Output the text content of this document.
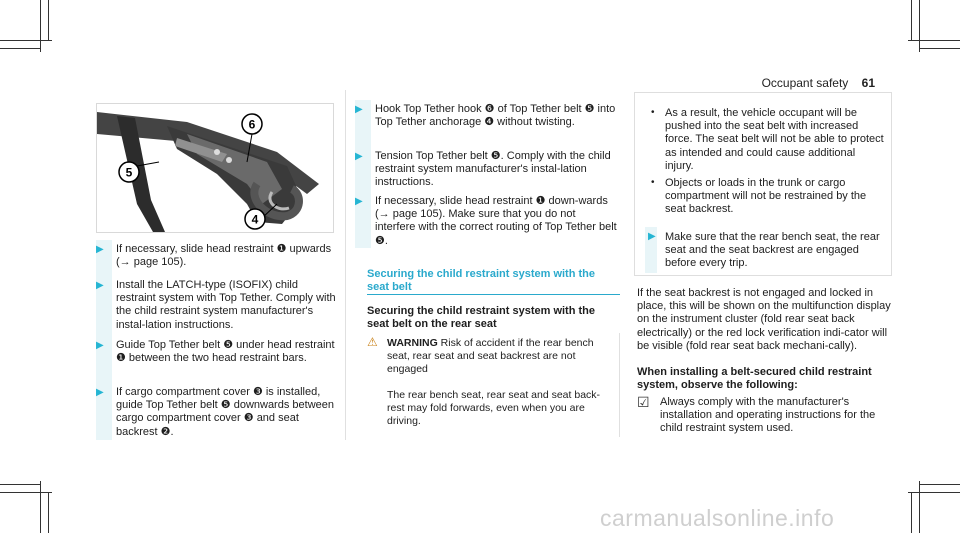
Occupant safety 61
6
5
4
▶ If necessary, slide head restraint ❶ upwards (→ page 105).
▶ Install the LATCH-type (ISOFIX) child restraint system with Top Tether. Comply with the child restraint system manufacturer's instal-lation instructions.
▶ Guide Top Tether belt ❺ under head restraint ❶ between the two head restraint bars.
▶ If cargo compartment cover ❸ is installed, guide Top Tether belt ❺ downwards between cargo compartment cover ❸ and seat backrest ❷.
▶ Hook Top Tether hook ❻ of Top Tether belt ❺ into Top Tether anchorage ❹ without twisting.
▶ Tension Top Tether belt ❺. Comply with the child restraint system manufacturer's instal-lation instructions.
▶ If necessary, slide head restraint ❶ down-wards (→ page 105). Make sure that you do not interfere with the correct routing of Top Tether belt ❺.
Securing the child restraint system with the seat belt
Securing the child restraint system with the seat belt on the rear seat
⚠ WARNING Risk of accident if the rear bench seat, rear seat and seat backrest are not engaged
The rear bench seat, rear seat and seat back-rest may fold forwards, even when you are driving.
• As a result, the vehicle occupant will be pushed into the seat belt with increased force. The seat belt will not be able to protect as intended and could cause additional injury.
• Objects or loads in the trunk or cargo compartment will not be restrained by the seat backrest.
▶ Make sure that the rear bench seat, the rear seat and the seat backrest are engaged before every trip.
If the seat backrest is not engaged and locked in place, this will be shown on the multifunction display on the instrument cluster (fold rear seat back electrically) or the red lock verification indi-cator will be visible (fold rear seat back mechani-cally).
When installing a belt-secured child restraint system, observe the following:
☑ Always comply with the manufacturer's installation and operating instructions for the child restraint system used.
carmanualsonline.info
